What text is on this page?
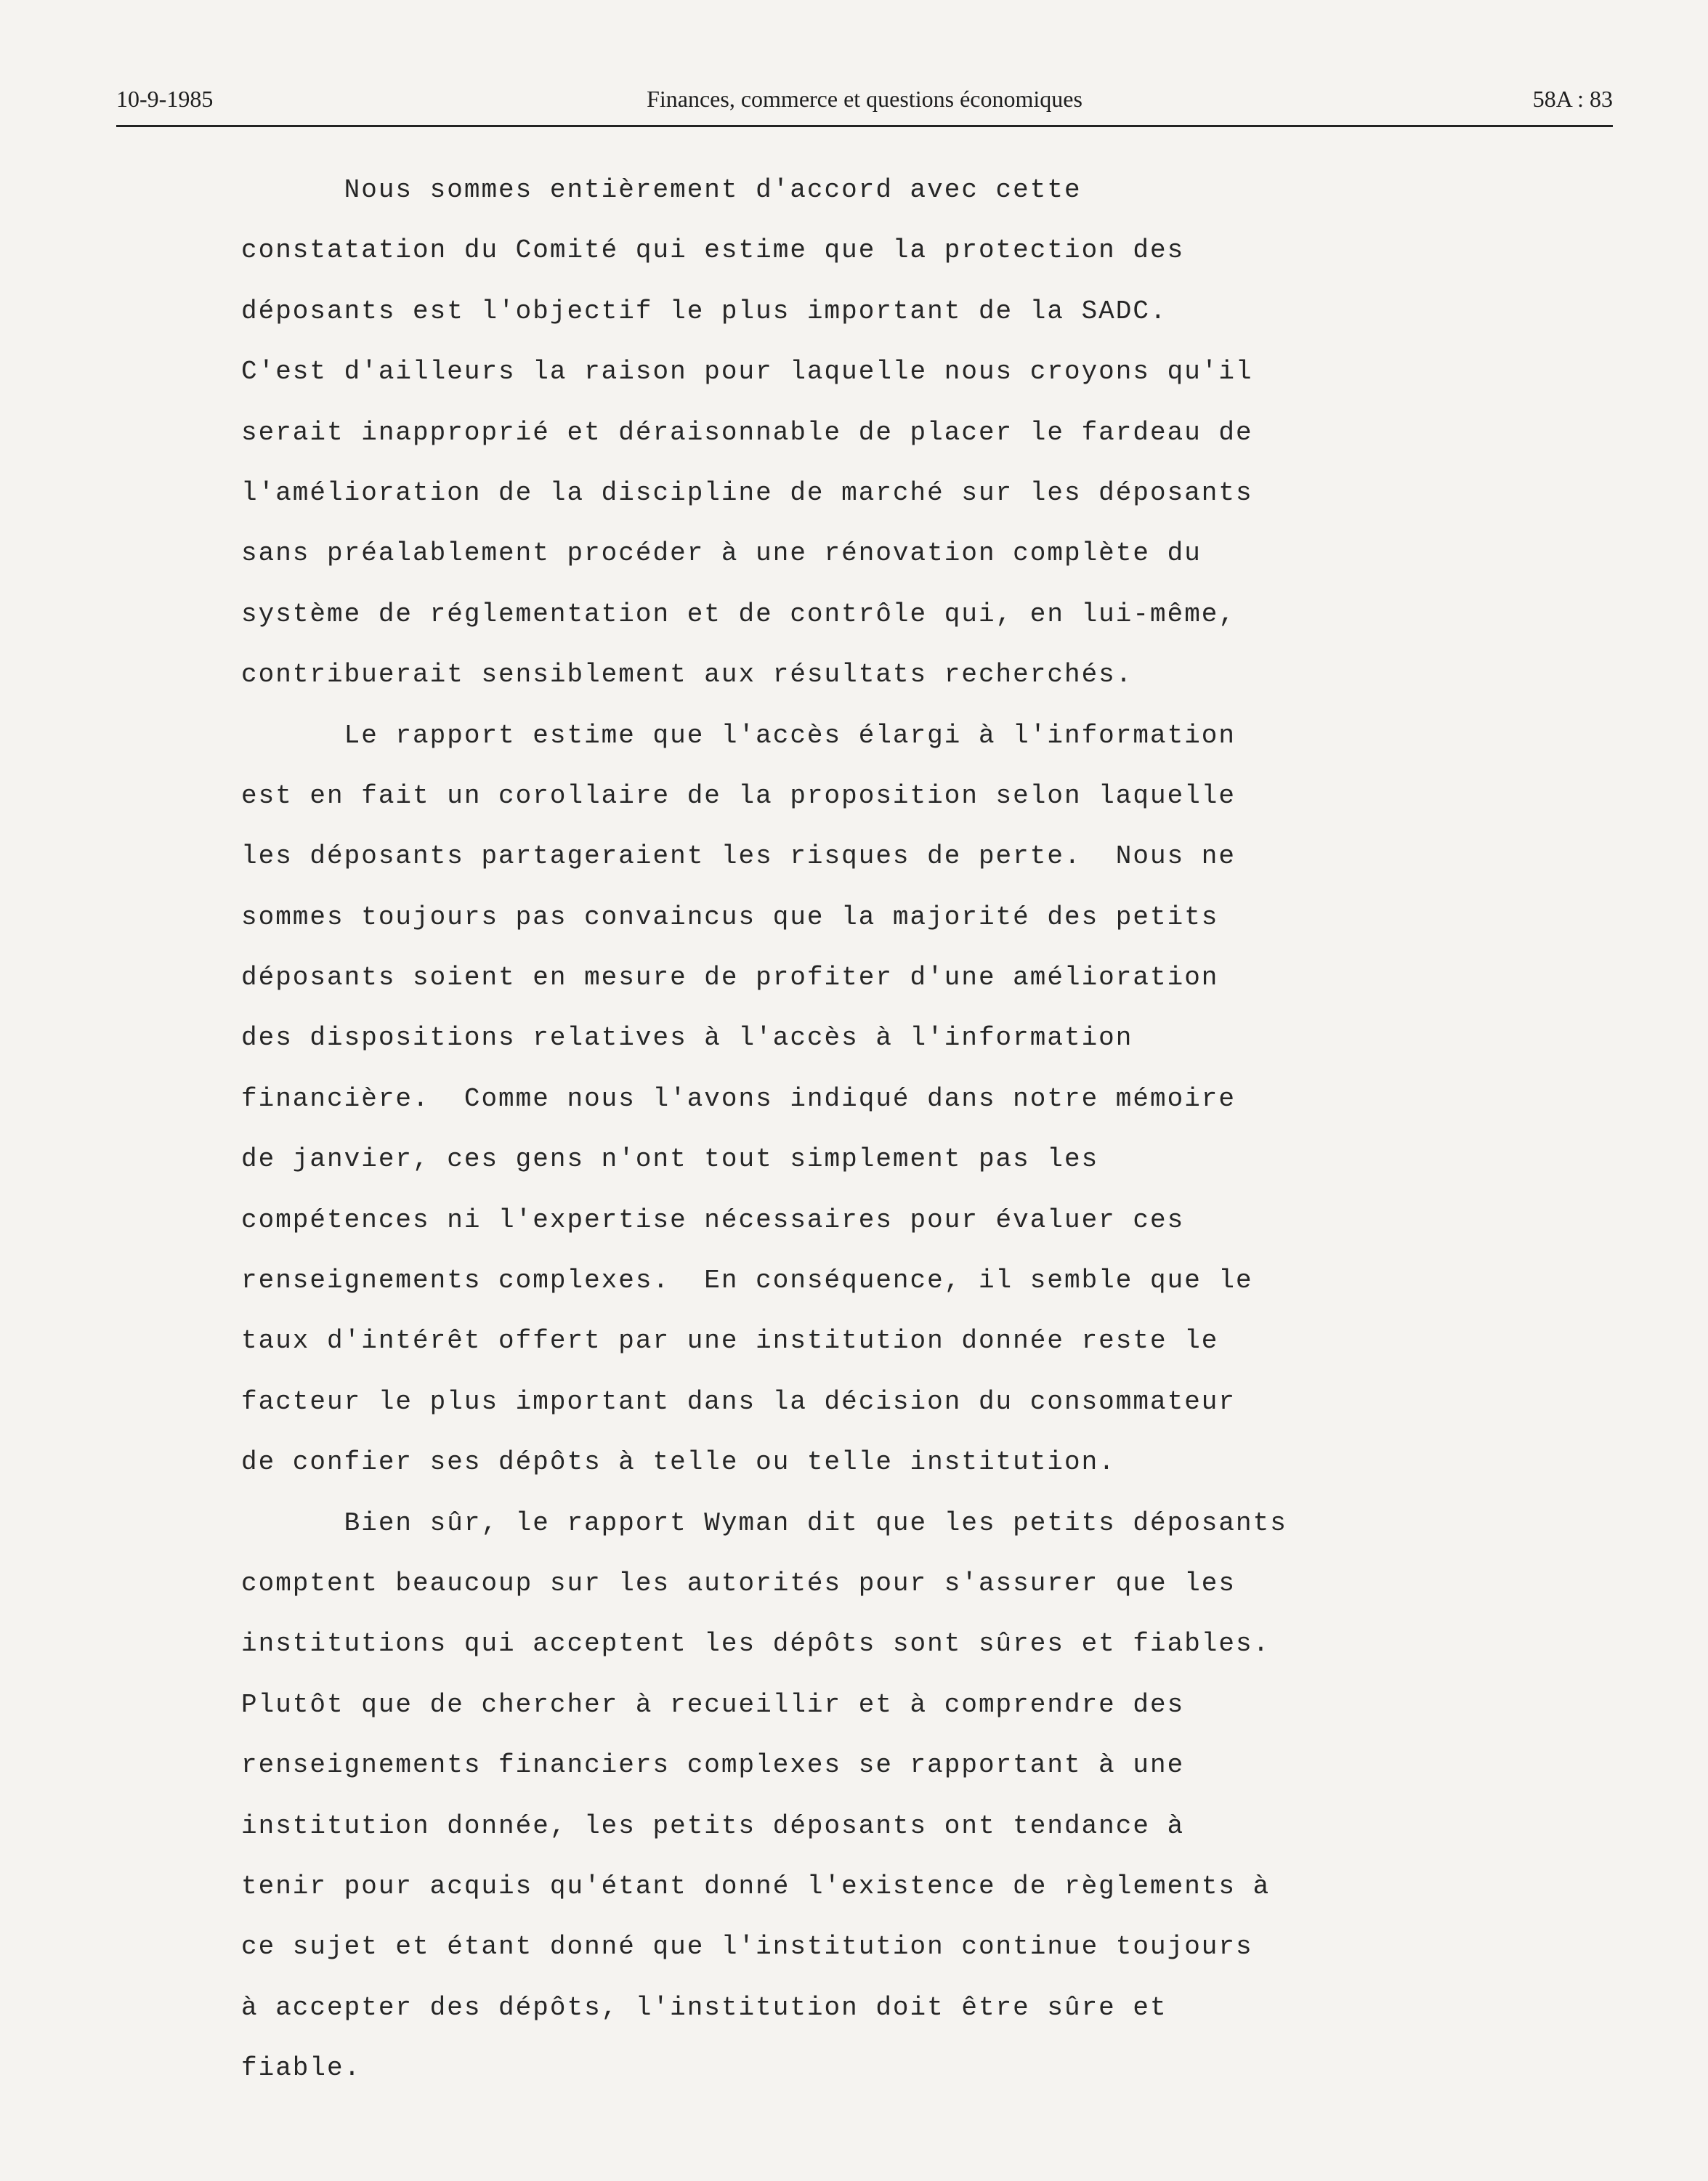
10-9-1985	Finances, commerce et questions économiques	58A : 83
Nous sommes entièrement d'accord avec cette
constatation du Comité qui estime que la protection des
déposants est l'objectif le plus important de la SADC.
C'est d'ailleurs la raison pour laquelle nous croyons qu'il
serait inapproprié et déraisonnable de placer le fardeau de
l'amélioration de la discipline de marché sur les déposants
sans préalablement procéder à une rénovation complète du
système de réglementation et de contrôle qui, en lui-même,
contribuerait sensiblement aux résultats recherchés.
Le rapport estime que l'accès élargi à l'information
est en fait un corollaire de la proposition selon laquelle
les déposants partageraient les risques de perte.  Nous ne
sommes toujours pas convaincus que la majorité des petits
déposants soient en mesure de profiter d'une amélioration
des dispositions relatives à l'accès à l'information
financière.  Comme nous l'avons indiqué dans notre mémoire
de janvier, ces gens n'ont tout simplement pas les
compétences ni l'expertise nécessaires pour évaluer ces
renseignements complexes.  En conséquence, il semble que le
taux d'intérêt offert par une institution donnée reste le
facteur le plus important dans la décision du consommateur
de confier ses dépôts à telle ou telle institution.
Bien sûr, le rapport Wyman dit que les petits déposants
comptent beaucoup sur les autorités pour s'assurer que les
institutions qui acceptent les dépôts sont sûres et fiables.
Plutôt que de chercher à recueillir et à comprendre des
renseignements financiers complexes se rapportant à une
institution donnée, les petits déposants ont tendance à
tenir pour acquis qu'étant donné l'existence de règlements à
ce sujet et étant donné que l'institution continue toujours
à accepter des dépôts, l'institution doit être sûre et
fiable.
